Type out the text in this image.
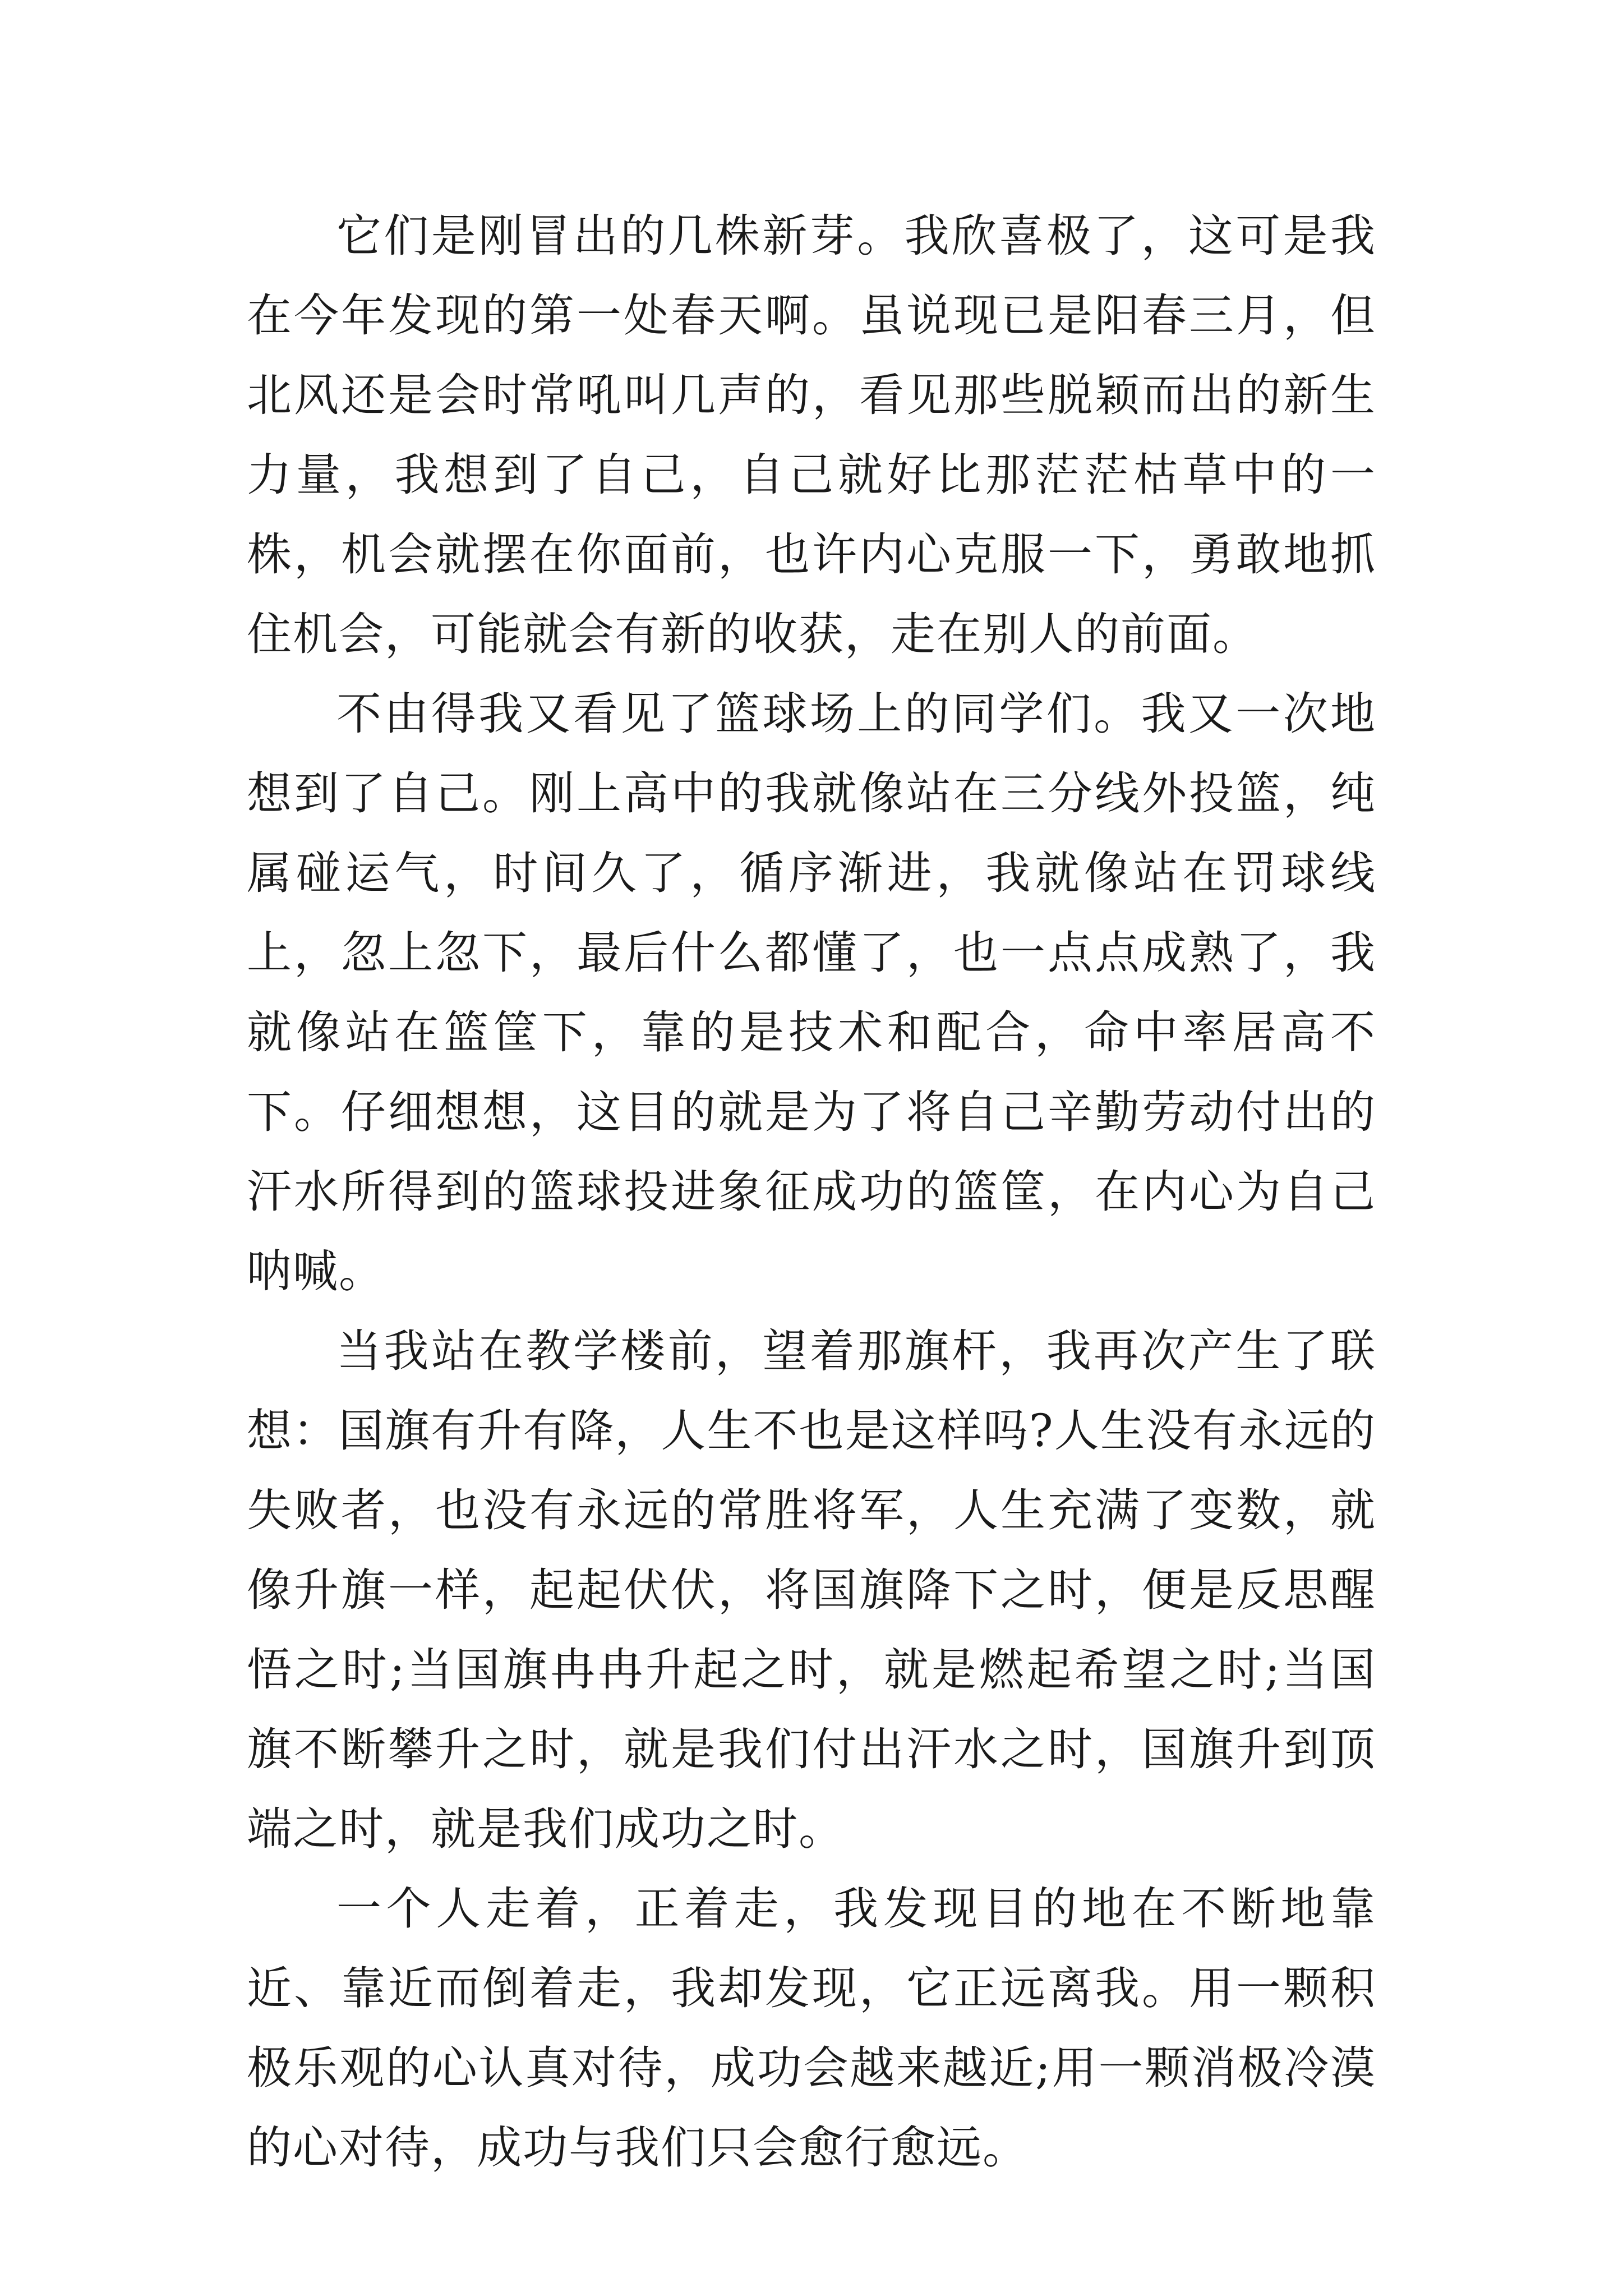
它们是刚冒出的几株新芽。我欣喜极了，这可是我在今年发现的第一处春天啊。虽说现已是阳春三月，但北风还是会时常吼叫几声的，看见那些脱颖而出的新生力量，我想到了自己，自己就好比那茫茫枯草中的一株，机会就摆在你面前，也许内心克服一下，勇敢地抓住机会，可能就会有新的收获，走在别人的前面。

不由得我又看见了篮球场上的同学们。我又一次地想到了自己。刚上高中的我就像站在三分线外投篮，纯属碰运气，时间久了，循序渐进，我就像站在罚球线上，忽上忽下，最后什么都懂了，也一点点成熟了，我就像站在篮筐下，靠的是技术和配合，命中率居高不下。仔细想想，这目的就是为了将自己辛勤劳动付出的汗水所得到的篮球投进象征成功的篮筐，在内心为自己呐喊。

当我站在教学楼前，望着那旗杆，我再次产生了联想：国旗有升有降，人生不也是这样吗?人生没有永远的失败者，也没有永远的常胜将军，人生充满了变数，就像升旗一样，起起伏伏，将国旗降下之时，便是反思醒悟之时;当国旗冉冉升起之时，就是燃起希望之时;当国旗不断攀升之时，就是我们付出汗水之时，国旗升到顶端之时，就是我们成功之时。

一个人走着，正着走，我发现目的地在不断地靠近、靠近而倒着走，我却发现，它正远离我。用一颗积极乐观的心认真对待，成功会越来越近;用一颗消极冷漠的心对待，成功与我们只会愈行愈远。
